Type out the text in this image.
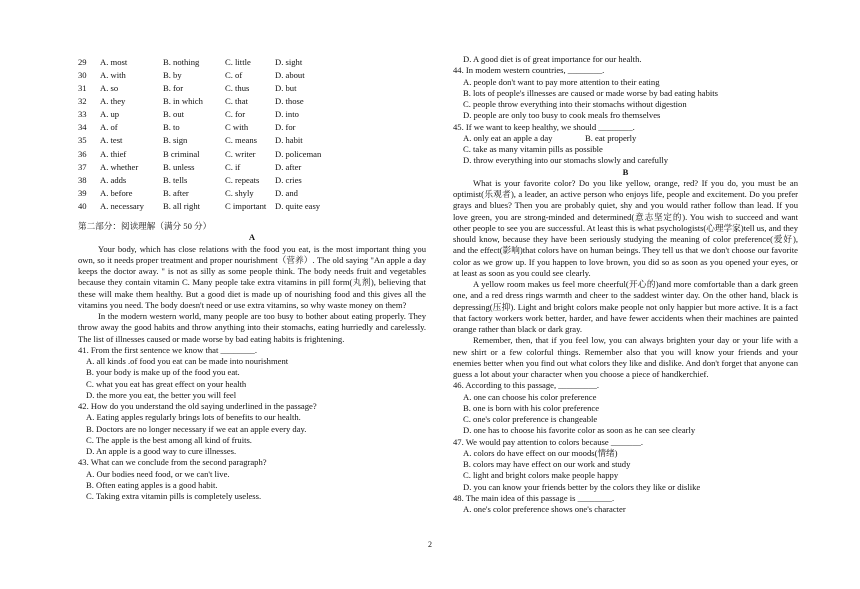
29	A. most	B. nothing	C. little	D. sight
30	A. with	B. by	C. of	D. about
31	A. so	B. for	C. thus	D. but
32	A. they	B. in which	C. that	D. those
33	A. up	B. out	C. for	D. into
34	A. of	B. to	C with	D. for
35	A. test	B. sign	C. means	D. habit
36	A. thief	B criminal	C. writer	D. policeman
37	A. whether	B. unless	C. if	D. after
38	A. adds	B. tells	C. repeats	D. cries
39	A. before	B. after	C. shyly	D. and
40	A. necessary	B. all right	C important	D. quite easy
第二部分：阅读理解（满分 50 分）
A

Your body, which has close relations with the food you eat, is the most important thing you own, so it needs proper treatment and proper nourishment（营养）. The old saying "An apple a day keeps the doctor away. " is not as silly as some people think. The body needs fruit and vegetables because they contain vitamin C. Many people take extra vitamins in pill form(丸剂), believing that these will make them healthy. But a good diet is made up of nourishing food and this gives all the vitamins you need. The body doesn't need or use extra vitamins, so why waste money on them?

In the modern western world, many people are too busy to bother about eating properly. They throw away the good habits and throw anything into their stomachs, eating hurriedly and carelessly. The list of illnesses caused or made worse by bad eating habits is frightening.

41. From the first sentence we know that ________.

A. all kinds .of food you eat can be made into nourishment

B. your body is make up of the food you eat.

C. what you eat has great effect on your health

D. the more you eat, the better you will feel

42. How do you understand the old saying underlined in the passage?

A. Eating apples regularly brings lots of benefits to our health.

B. Doctors are no longer necessary if we eat an apple every day.

C. The apple is the best among all kind of fruits.

D. An apple is a good way to cure illnesses.

43. What can we conclude from the second paragraph?

A. Our bodies need food, or we can't live.

B. Often eating apples is a good habit.

C. Taking extra vitamin pills is completely useless.

D. A good diet is of great importance for our health.

44. In modem western countries, ________.

A. people don't want to pay more attention to their eating

B. lots of people's illnesses are caused or made worse by bad eating habits

C. people throw everything into their stomachs without digestion

D. people are only too busy to cook meals fro themselves

45. If we want to keep healthy, we should ________.

A. only eat an apple a day	B. eat properly

C. take as many vitamin pills as possible

D. throw everything into our stomachs slowly and carefully

B

What is your favorite color? Do you like yellow, orange, red? If you do, you must be an optimist(乐观者), a leader, an active person who enjoys life, people and excitement. Do you prefer grays and blues? Then you are probably quiet, shy and you would rather follow than lead. If you love green, you are strong-minded and determined(意志坚定的). You wish to succeed and want other people to see you are successful. At least this is what psychologists(心理学家)tell us, and they should know, because they have been seriously studying the meaning of color preference(爱好), and the effect(影响)that colors have on human beings. They tell us that we don't choose our favorite color as we grow up. If you happen to love brown, you did so as soon as you opened your eyes, or at least as soon as you could see clearly.

A yellow room makes us feel more cheerful(开心的)and more comfortable than a dark green one, and a red dress rings warmth and cheer to the saddest winter day. On the other hand, black is depressing(压抑). Light and bright colors make people not only happier but more active. It is a fact that factory workers work better, harder, and have fewer accidents when their machines are painted orange rather than black or dark gray.

Remember, then, that if you feel low, you can always brighten your day or your life with a new shirt or a few colorful things. Remember also that you will know your friends and your enemies better when you find out what colors they like and dislike. And don't forget that anyone can guess a lot about your character when you choose a piece of handkerchief.

46. According to this passage, _________.

A. one can choose his color preference

B. one is born with his color preference

C. one's color preference is changeable

D. one has to choose his favorite color as soon as he can see clearly

47. We would pay attention to colors because _______.

A. colors do have effect on our moods(情绪)

B. colors may have effect on our work and study

C. light and bright colors make people happy

D. you can know your friends better by the colors they like or dislike

48. The main idea of this passage is ________.

A. one's color preference shows one's character

2
